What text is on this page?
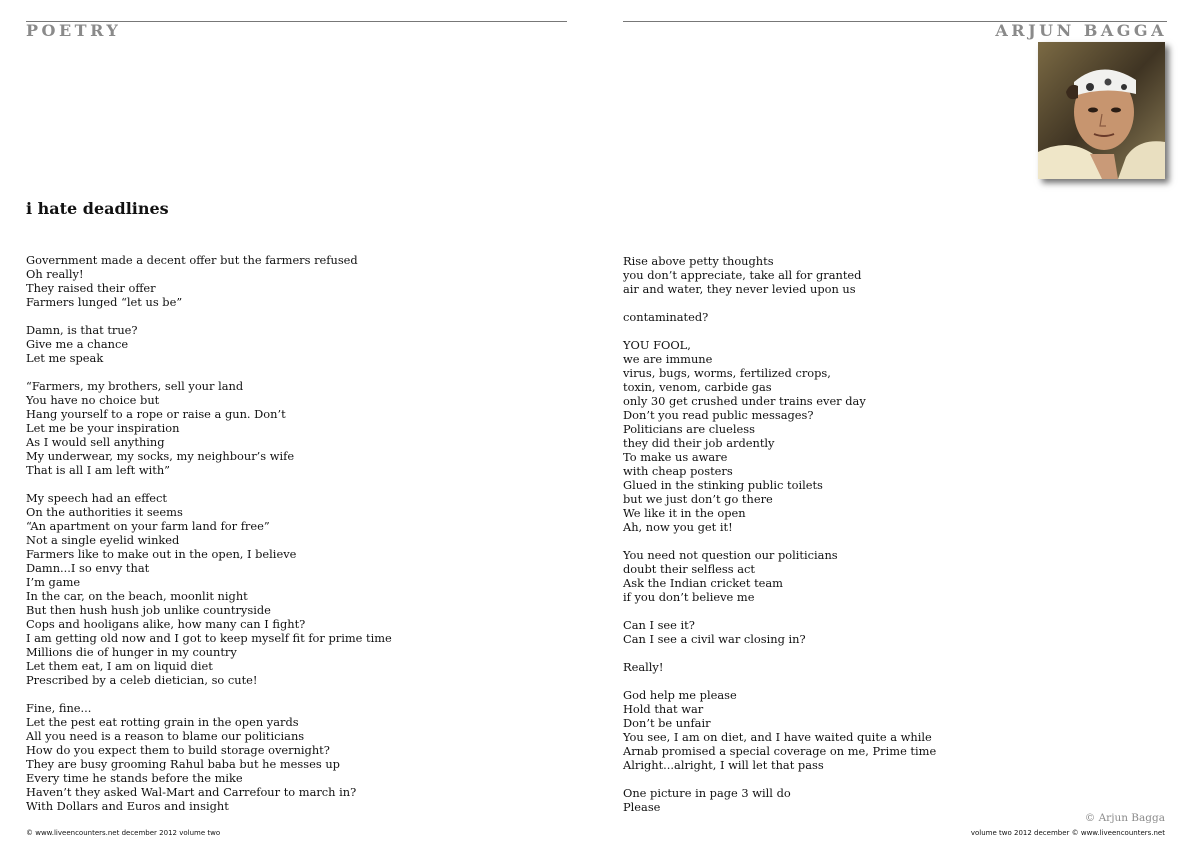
POETRY	ARJUN BAGGA
i hate deadlines
Government made a decent offer but the farmers refused
Oh really!
They raised their offer
Farmers lunged “let us be”
Damn, is that true?
Give me a chance
Let me speak
“Farmers, my brothers, sell your land
You have no choice but
Hang yourself to a rope or raise a gun. Don’t
Let me be your inspiration
As I would sell anything
My underwear, my socks, my neighbour’s wife
That is all I am left with”
My speech had an effect
On the authorities it seems
“An apartment on your farm land for free”
Not a single eyelid winked
Farmers like to make out in the open, I believe
Damn...I so envy that
I’m game
In the car, on the beach, moonlit night
But then hush hush job unlike countryside
Cops and hooligans alike, how many can I fight?
I am getting old now and I got to keep myself fit for prime time
Millions die of hunger in my country
Let them eat, I am on liquid diet
Prescribed by a celeb dietician, so cute!
Fine, fine...
Let the pest eat rotting grain in the open yards
All you need is a reason to blame our politicians
How do you expect them to build storage overnight?
They are busy grooming Rahul baba but he messes up
Every time he stands before the mike
Haven’t they asked Wal-Mart and Carrefour to march in?
With Dollars and Euros and insight
Rise above petty thoughts
you don’t appreciate, take all for granted
air and water, they never levied upon us
contaminated?
YOU FOOL,
we are immune
virus, bugs, worms, fertilized crops,
toxin, venom, carbide gas
only 30 get crushed under trains ever day
Don’t you read public messages?
Politicians are clueless
they did their job ardently
To make us aware
with cheap posters
Glued in the stinking public toilets
but we just don’t go there
We like it in the open
Ah, now you get it!
You need not question our politicians
doubt their selfless act
Ask the Indian cricket team
if you don’t believe me
Can I see it?
Can I see a civil war closing in?
Really!
God help me please
Hold that war
Don’t be unfair
You see, I am on diet, and I have waited quite a while
Arnab promised a special coverage on me, Prime time
Alright...alright, I will let that pass
One picture in page 3 will do
Please
© Arjun Bagga
© www.liveencounters.net december 2012 volume two	volume two 2012 december © www.liveencounters.net
